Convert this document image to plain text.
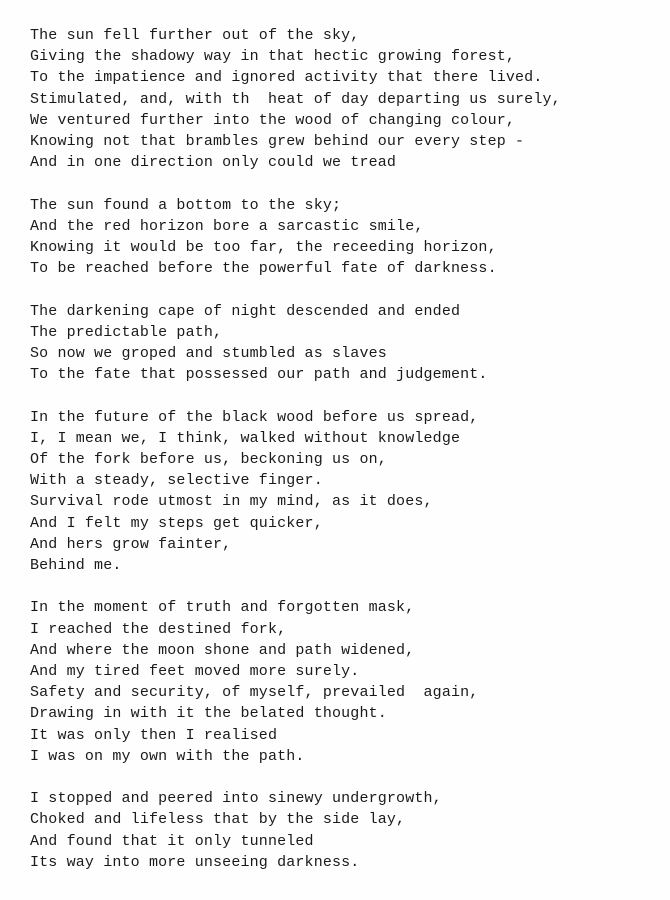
The sun fell further out of the sky,
Giving the shadowy way in that hectic growing forest,
To the impatience and ignored activity that there lived.
Stimulated, and, with th  heat of day departing us surely,
We ventured further into the wood of changing colour,
Knowing not that brambles grew behind our every step -
And in one direction only could we tread
The sun found a bottom to the sky;
And the red horizon bore a sarcastic smile,
Knowing it would be too far, the receeding horizon,
To be reached before the powerful fate of darkness.
The darkening cape of night descended and ended
The predictable path,
So now we groped and stumbled as slaves
To the fate that possessed our path and judgement.
In the future of the black wood before us spread,
I, I mean we, I think, walked without knowledge
Of the fork before us, beckoning us on,
With a steady, selective finger.
Survival rode utmost in my mind, as it does,
And I felt my steps get quicker,
And hers grow fainter,
Behind me.
In the moment of truth and forgotten mask,
I reached the destined fork,
And where the moon shone and path widened,
And my tired feet moved more surely.
Safety and security, of myself, prevailed  again,
Drawing in with it the belated thought.
It was only then I realised
I was on my own with the path.
I stopped and peered into sinewy undergrowth,
Choked and lifeless that by the side lay,
And found that it only tunneled
Its way into more unseeing darkness.
